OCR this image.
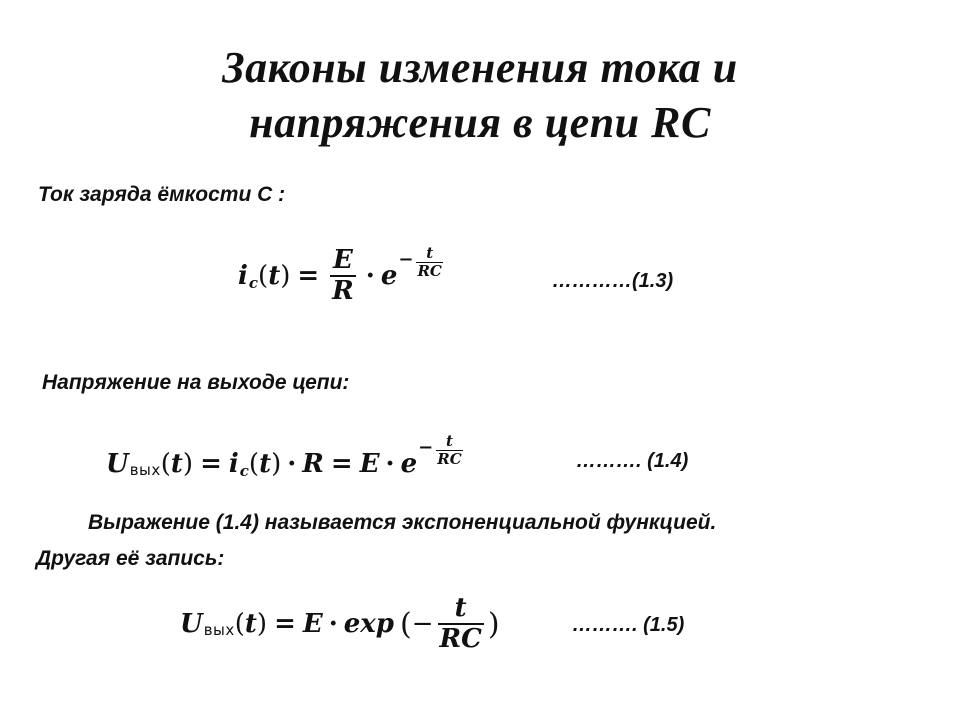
Законы изменения тока и
напряжения в цепи RC
Ток заряда ёмкости С :
i c ( t ) = $\frac{E}{R} \cdot e$
− $\frac{t}{RC}$
…………(1.3)
Напряжение на выходе цепи:
U вых ( t ) = i c ( t ) · R = E · e
− $\frac{t}{RC}$	………. (1.4)
Выражение (1.4) называется экспоненциальной функцией.
Другая её запись:
U вых ( t ) = E · exp ( − $\frac{t}{RC}$ )	………. (1.5)
